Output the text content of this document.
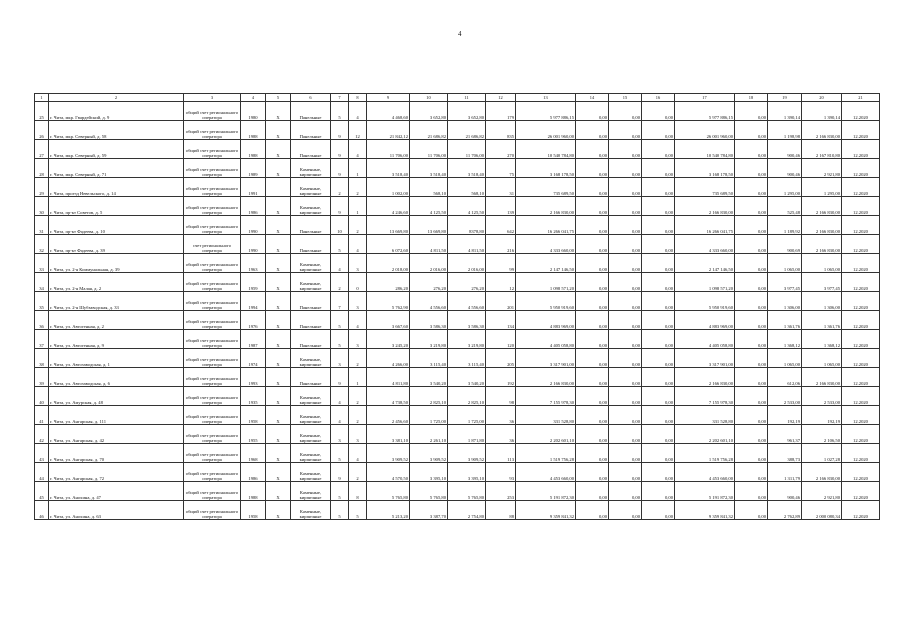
4
1	2	3	4	5	6	7	8	9	10	11	12	13	14	15	16	17	18	19	20	21
25	г. Чита, мкр. Гвардейский, д. 9	общий счет регионального оператора	1980	Х	Панельные	5	4	4 468,60	3 652,80	3 652,80	179	5 977 886,15	0,00	0,00	0,00	5 977 886,15	0,00	1 390,14	1 390,14	12.2020
26	г. Чита, мкр. Северный, д. 58	общий счет регионального оператора	1988	Х	Панельные	9	12	21 842,12	21 686,82	21 686,82	835	26 001 960,00	0,00	0,00	0,00	26 001 960,00	0,00	1 198,98	2 166 830,00	12.2020
27	г. Чита, мкр. Северный, д. 59	общий счет регионального оператора	1988	Х	Панельные	9	4	11 706,00	11 706,00	11 706,00	270	10 540 784,80	0,00	0,00	0,00	10 540 784,80	0,00	900,46	2 167 810,80	12.2020
28	г. Чита, мкр. Северный, д. 71	общий счет регионального оператора	1989	Х	Каменные, кирпичные	9	1	3 518,40	3 518,40	3 518,40	75	3 168 178,50	0,00	0,00	0,00	3 168 178,50	0,00	900,46	2 921,80	12.2020
29	г. Чита, проезд Невельского, д. 14	общий счет регионального оператора	1991		Каменные, кирпичные	2	2	1 002,00	568,10	568,10	31	735 689,50	0,00	0,00	0,00	735 689,50	0,00	1 295,00	1 295,00	12.2020
30	г. Чита, пр-кт Советов, д. 5	общий счет регионального оператора	1986	Х	Каменные, кирпичные	9	1	4 246,60	4 125,50	4 125,50	139	2 166 830,00	0,00	0,00	0,00	2 166 830,00	0,00	525,48	2 166 830,00	12.2020
31	г. Чита, пр-кт Фадеева, д. 10	общий счет регионального оператора	1990	Х	Панельные	10	2	13 669,80	13 669,80	8378,80	642	16 266 041,75	0,00	0,00	0,00	16 266 041,75	0,00	1 189,92	2 166 830,00	12.2020
32	г. Чита, пр-кт Фадеева, д. 39	счет регионального оператора	1990	Х	Панельные	5	4	6 072,60	4 811,50	4 811,50	216	4 333 660,00	0,00	0,00	0,00	4 333 660,00	0,00	900,69	2 166 830,00	12.2020
33	г. Чита, ул. 2-я Коммунальная, д. 39	общий счет регионального оператора	1963	Х	Каменные, кирпичные	4	3	2 018,00	2 016,00	2 016,00	99	2 147 146,50	0,00	0,00	0,00	2 147 146,50	0,00	1 065,00	1 065,00	12.2020
34	г. Чита, ул. 2-я Малая, д. 2	общий счет регионального оператора	1959	Х	Каменные, кирпичные	2	0	286,20	276,20	276,20	12	1 098 571,20	0,00	0,00	0,00	1 098 571,20	0,00	3 977,45	3 977,45	12.2020
35	г. Чита, ул. 2-я Шубзаводская, д. 33	общий счет регионального оператора	1994	Х	Панельные	7	3	5 762,90	4 556,60	4 556,60	201	5 950 919,60	0,00	0,00	0,00	5 950 919,60	0,00	1 306,00	1 306,00	12.2020
36	г. Чита, ул. Автогенная, д. 2	общий счет регионального оператора	1976	Х	Панельные	5	4	3 667,60	3 586,30	3 586,30	134	4 883 969,00	0,00	0,00	0,00	4 883 969,00	0,00	1 361,76	1 361,76	12.2020
37	г. Чита, ул. Автогенная, д. 9	общий счет регионального оператора	1987	Х	Панельные	5	3	3 245,20	3 219,80	3 219,80	120	4 405 058,80	0,00	0,00	0,00	4 405 058,80	0,00	1 368,12	1 368,12	12.2020
38	г. Чита, ул. Автозаводская, д. 1	общий счет регионального оператора	1974	Х	Каменные, кирпичные	3	2	4 266,00	3 115,40	3 115,40	205	3 317 901,00	0,00	0,00	0,00	3 317 901,00	0,00	1 065,00	1 065,00	12.2020
39	г. Чита, ул. Автозаводская, д. 6	общий счет регионального оператора	1993	Х	Панельные	9	1	4 811,80	3 540,20	3 540,20	192	2 166 830,00	0,00	0,00	0,00	2 166 830,00	0,00	612,06	2 166 830,00	12.2020
40	г. Чита, ул. Амурская, д. 48	общий счет регионального оператора	1935	Х	Каменные, кирпичные	4	2	4 738,50	2 825,10	2 825,10	98	7 155 978,30	0,00	0,00	0,00	7 155 978,30	0,00	2 533,00	2 533,00	12.2020
41	г. Чита, ул. Ангарская, д. 111	общий счет регионального оператора	1958	Х	Каменные, кирпичные	4	2	2 456,60	1 725,00	1 725,00	36	331 528,80	0,00	0,00	0,00	331 528,80	0,00	192,19	192,19	12.2020
42	г. Чита, ул. Ангарская, д. 42	общий счет регионального оператора	1955	Х	Каменные, кирпичные	3	3	3 381,10	2 261,10	1 871,80	36	2 202 601,10	0,00	0,00	0,00	2 202 601,10	0,00	961,37	2 106,50	12.2020
43	г. Чита, ул. Ангарская, д. 70	общий счет регионального оператора	1968	Х	Каменные, кирпичные	5	4	3 909,52	3 909,52	3 909,52	113	1 519 756,28	0,00	0,00	0,00	1 519 756,28	0,00	388,73	1 027,28	12.2020
44	г. Чита, ул. Ангарская, д. 72	общий счет регионального оператора	1986	Х	Каменные, кирпичные	9	2	4 570,50	3 395,10	3 395,10	93	4 453 660,00	0,00	0,00	0,00	4 453 660,00	0,00	1 311,79	2 166 830,00	12.2020
45	г. Чита, ул. Анохина, д. 47	общий счет регионального оператора	1988	Х	Каменные, кирпичные	5	8	5 765,80	5 765,80	5 765,80	253	5 191 872,30	0,00	0,00	0,00	5 191 872,30	0,00	900,46	2 921,80	12.2020
46	г. Чита, ул. Анохина, д. 63	общий счет регионального оператора	1958	Х	Каменные, кирпичные	5	5	5 213,20	3 387,70	2 754,80	88	9 359 841,32	0,00	0,00	0,00	9 359 841,32	0,00	2 762,89	2 000 080,34	12.2020
